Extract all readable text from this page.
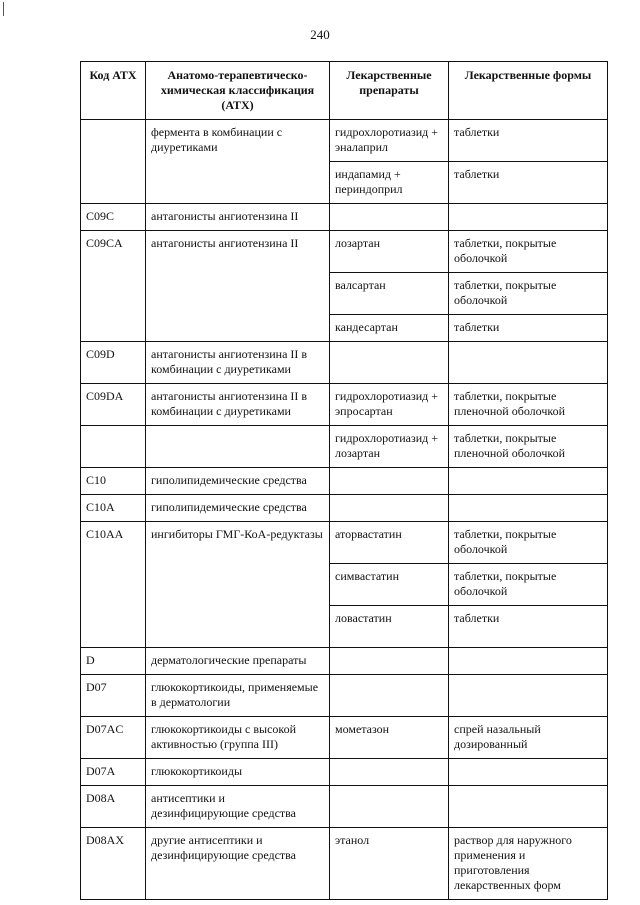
240
Код АТХ	Анатомо-терапевтическо-химическая классификация (АТХ)	Лекарственные препараты	Лекарственные формы
	фермента в комбинации с диуретиками	гидрохлоротиазид + эналаприл	таблетки
		индапамид + периндоприл	таблетки
C09C	антагонисты ангиотензина II		
C09CA	антагонисты ангиотензина II	лозартан	таблетки, покрытые оболочкой
		валсартан	таблетки, покрытые оболочкой
		кандесартан	таблетки
C09D	антагонисты ангиотензина II в комбинации с диуретиками		
C09DA	антагонисты ангиотензина II в комбинации с диуретиками	гидрохлоротиазид + эпросартан	таблетки, покрытые пленочной оболочкой
		гидрохлоротиазид + лозартан	таблетки, покрытые пленочной оболочкой
C10	гиполипидемические средства		
C10A	гиполипидемические средства		
C10AA	ингибиторы ГМГ-КоА-редуктазы	аторвастатин	таблетки, покрытые оболочкой
		симвастатин	таблетки, покрытые оболочкой
		ловастатин	таблетки
D	дерматологические препараты		
D07	глюкокортикоиды, применяемые в дерматологии		
D07AC	глюкокортикоиды с высокой активностью (группа III)	мометазон	спрей назальный дозированный
D07A	глюкокортикоиды		
D08A	антисептики и дезинфицирующие средства		
D08AX	другие антисептики и дезинфицирующие средства	этанол	раствор для наружного применения и приготовления лекарственных форм
